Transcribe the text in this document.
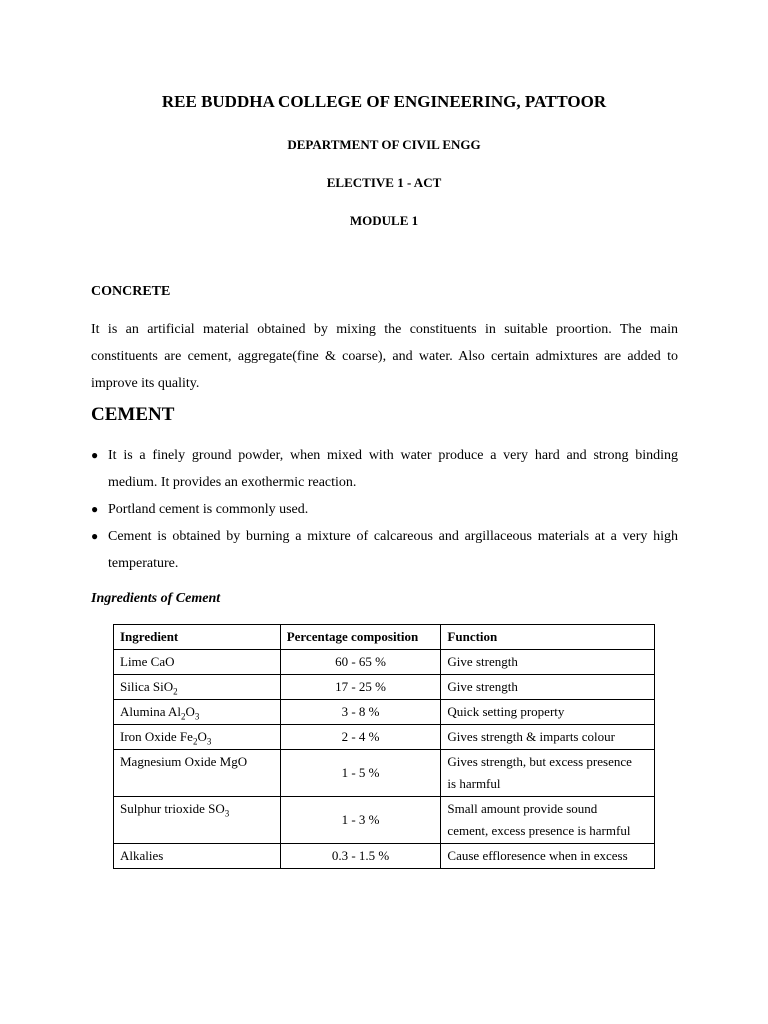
REE BUDDHA COLLEGE OF ENGINEERING, PATTOOR

DEPARTMENT OF CIVIL ENGG

ELECTIVE 1 - ACT

MODULE 1

CONCRETE

It is an artificial material obtained by mixing the constituents in suitable proortion. The main constituents are cement, aggregate(fine & coarse), and water. Also certain admixtures are added to improve its quality.

CEMENT

● It is a finely ground powder, when mixed with water produce a very hard and strong binding medium. It provides an exothermic reaction.
● Portland cement is commonly used.
● Cement is obtained by burning a mixture of calcareous and argillaceous materials at a very high temperature.

Ingredients of Cement

Ingredient	Percentage composition	Function
Lime CaO	60 - 65 %	Give strength
Silica SiO$_2$	17 - 25 %	Give strength
Alumina $Al_2O_3$	3 - 8 %	Quick setting property
Iron Oxide $Fe_2O_3$	2 - 4 %	Gives strength & imparts colour
Magnesium Oxide MgO	1 - 5 %	Gives strength, but excess presence
is harmful
Sulphur trioxide $SO_3$	1 - 3 %	Small amount provide sound
cement, excess presence is harmful
Alkalies	0.3 - 1.5 %	Cause effloresence when in excess
